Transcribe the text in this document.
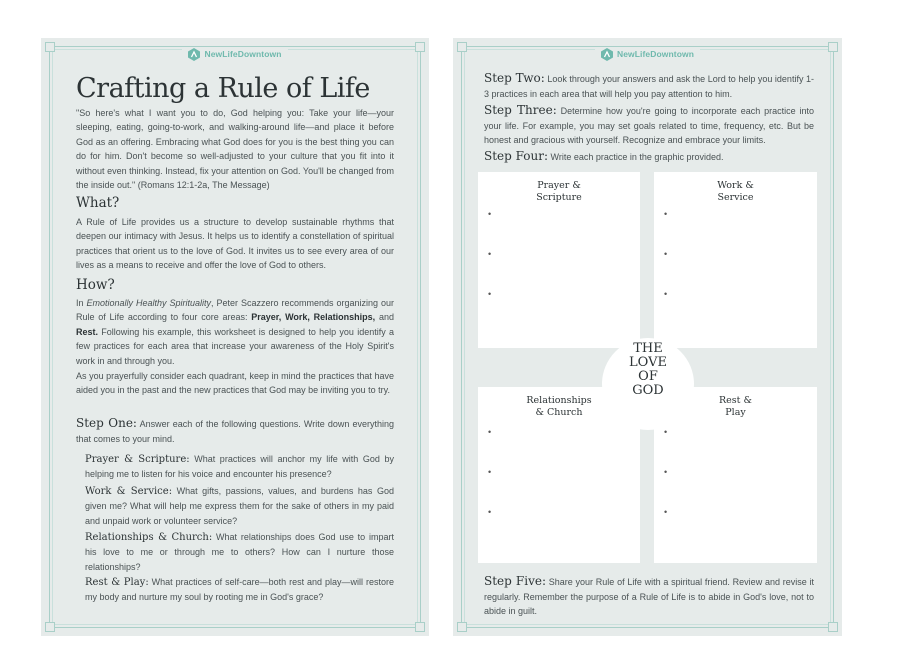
NewLifeDowntown
Crafting a Rule of Life
"So here's what I want you to do, God helping you: Take your life—your sleeping, eating, going-to-work, and walking-around life—and place it before God as an offering. Embracing what God does for you is the best thing you can do for him. Don't become so well-adjusted to your culture that you fit into it without even thinking. Instead, fix your attention on God. You'll be changed from the inside out." (Romans 12:1-2a, The Message)
What?
A Rule of Life provides us a structure to develop sustainable rhythms that deepen our intimacy with Jesus. It helps us to identify a constellation of spiritual practices that orient us to the love of God. It invites us to see every area of our lives as a means to receive and offer the love of God to others.
How?
In Emotionally Healthy Spirituality, Peter Scazzero recommends organizing our Rule of Life according to four core areas: Prayer, Work, Relationships, and Rest. Following his example, this worksheet is designed to help you identify a few practices for each area that increase your awareness of the Holy Spirit's work in and through you.
As you prayerfully consider each quadrant, keep in mind the practices that have aided you in the past and the new practices that God may be inviting you to try.
Step One: Answer each of the following questions. Write down everything that comes to your mind.
Prayer & Scripture: What practices will anchor my life with God by helping me to listen for his voice and encounter his presence?
Work & Service: What gifts, passions, values, and burdens has God given me? What will help me express them for the sake of others in my paid and unpaid work or volunteer service?
Relationships & Church: What relationships does God use to impart his love to me or through me to others? How can I nurture those relationships?
Rest & Play: What practices of self-care—both rest and play—will restore my body and nurture my soul by rooting me in God's grace?
NewLifeDowntown
Step Two: Look through your answers and ask the Lord to help you identify 1-3 practices in each area that will help you pay attention to him.
Step Three: Determine how you're going to incorporate each practice into your life. For example, you may set goals related to time, frequency, etc. But be honest and gracious with yourself. Recognize and embrace your limits.
Step Four: Write each practice in the graphic provided.
Prayer &
Scripture
•
•
•
Work &
Service
•
•
•
Relationships
& Church
•
•
•
Rest &
Play
•
•
•
THE
LOVE
OF
GOD
Step Five: Share your Rule of Life with a spiritual friend. Review and revise it regularly. Remember the purpose of a Rule of Life is to abide in God's love, not to abide in guilt.
